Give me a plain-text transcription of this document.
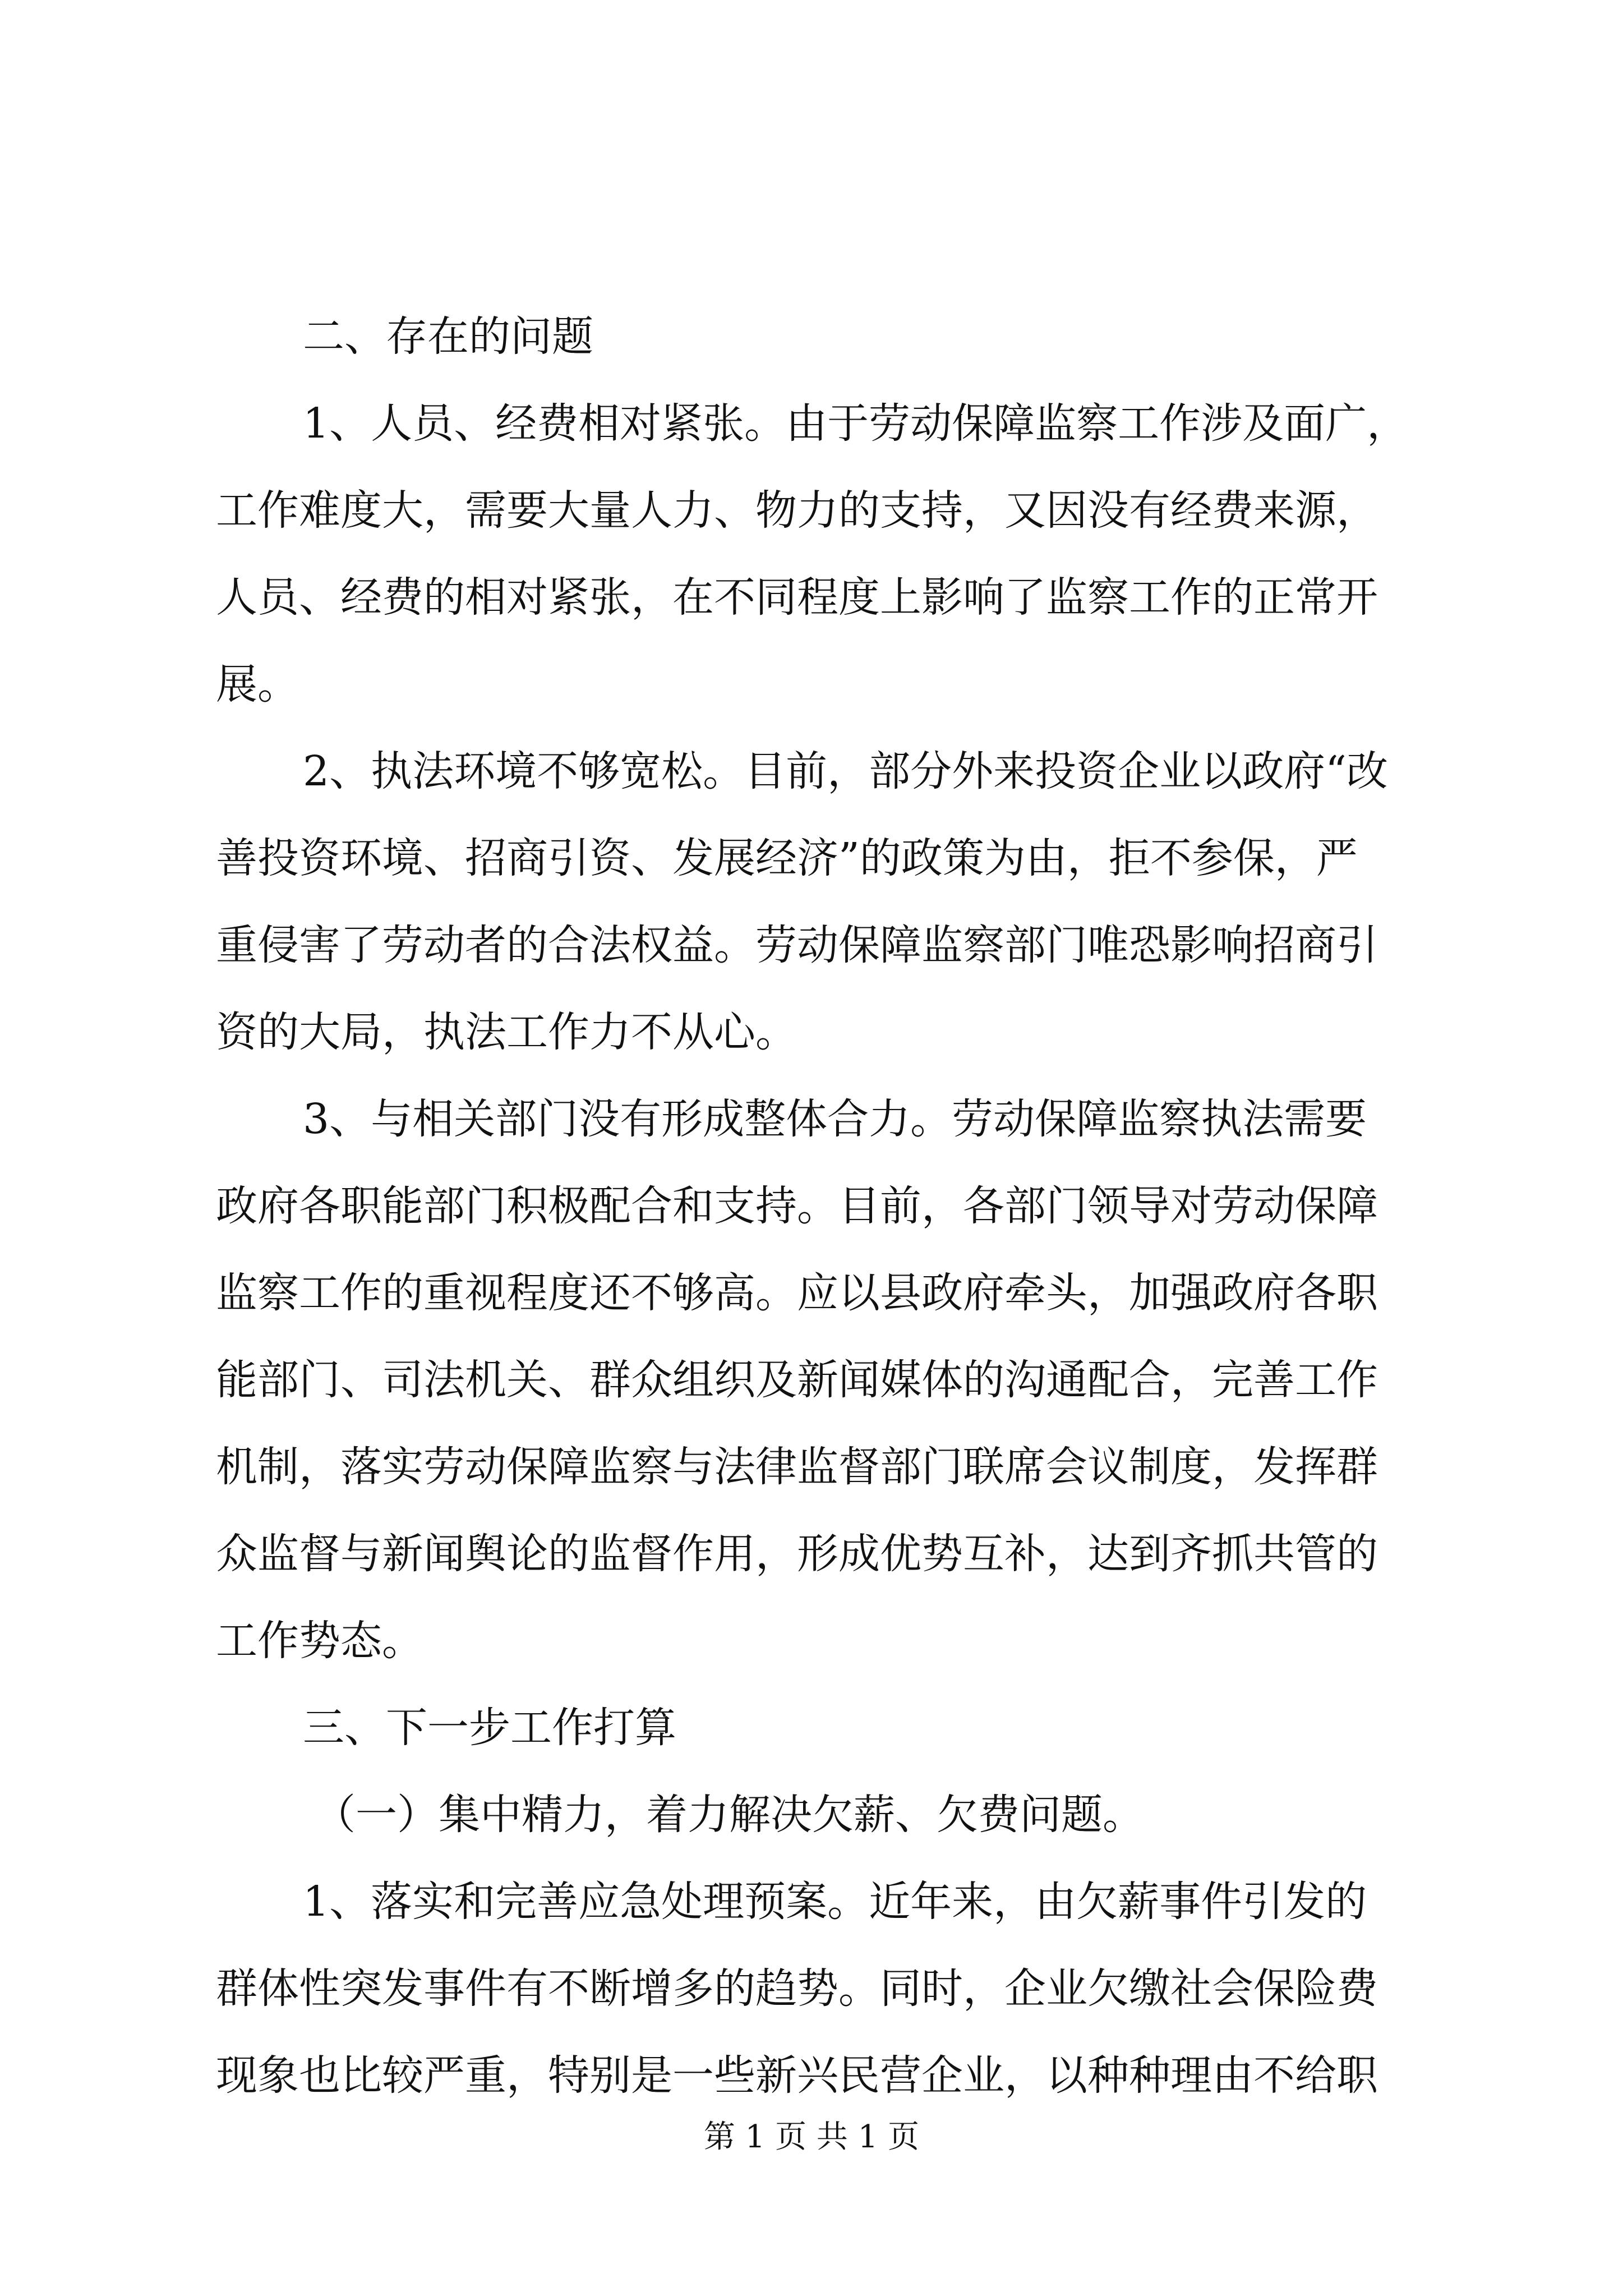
二、存在的问题
1、人员、经费相对紧张。由于劳动保障监察工作涉及面广，
工作难度大，需要大量人力、物力的支持，又因没有经费来源，
人员、经费的相对紧张，在不同程度上影响了监察工作的正常开
展。
2、执法环境不够宽松。目前，部分外来投资企业以政府“改
善投资环境、招商引资、发展经济”的政策为由，拒不参保，严
重侵害了劳动者的合法权益。劳动保障监察部门唯恐影响招商引
资的大局，执法工作力不从心。
3、与相关部门没有形成整体合力。劳动保障监察执法需要
政府各职能部门积极配合和支持。目前，各部门领导对劳动保障
监察工作的重视程度还不够高。应以县政府牵头，加强政府各职
能部门、司法机关、群众组织及新闻媒体的沟通配合，完善工作
机制，落实劳动保障监察与法律监督部门联席会议制度，发挥群
众监督与新闻舆论的监督作用，形成优势互补，达到齐抓共管的
工作势态。
三、下一步工作打算
（一）集中精力，着力解决欠薪、欠费问题。
1、落实和完善应急处理预案。近年来，由欠薪事件引发的
群体性突发事件有不断增多的趋势。同时，企业欠缴社会保险费
现象也比较严重，特别是一些新兴民营企业，以种种理由不给职
第 1 页 共 1 页
